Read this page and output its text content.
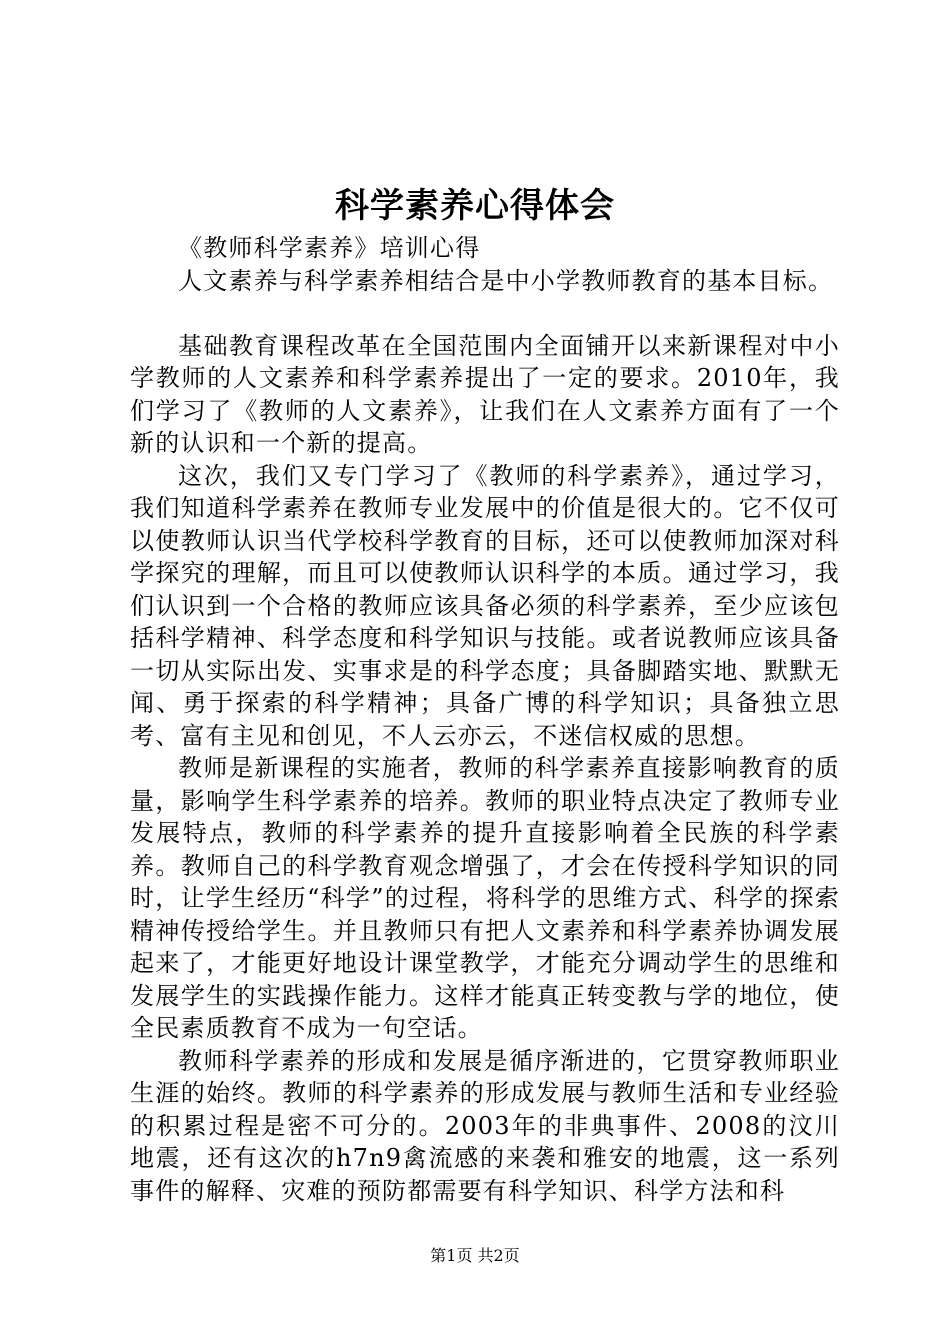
科学素养心得体会

《教师科学素养》培训心得

人文素养与科学素养相结合是中小学教师教育的基本目标。

基础教育课程改革在全国范围内全面铺开以来新课程对中小学教师的人文素养和科学素养提出了一定的要求。2010年，我们学习了《教师的人文素养》，让我们在人文素养方面有了一个新的认识和一个新的提高。

这次，我们又专门学习了《教师的科学素养》，通过学习，我们知道科学素养在教师专业发展中的价值是很大的。它不仅可以使教师认识当代学校科学教育的目标，还可以使教师加深对科学探究的理解，而且可以使教师认识科学的本质。通过学习，我们认识到一个合格的教师应该具备必须的科学素养，至少应该包括科学精神、科学态度和科学知识与技能。或者说教师应该具备一切从实际出发、实事求是的科学态度；具备脚踏实地、默默无闻、勇于探索的科学精神；具备广博的科学知识；具备独立思考、富有主见和创见，不人云亦云，不迷信权威的思想。

教师是新课程的实施者，教师的科学素养直接影响教育的质量，影响学生科学素养的培养。教师的职业特点决定了教师专业发展特点，教师的科学素养的提升直接影响着全民族的科学素养。教师自己的科学教育观念增强了，才会在传授科学知识的同时，让学生经历“科学”的过程，将科学的思维方式、科学的探索精神传授给学生。并且教师只有把人文素养和科学素养协调发展起来了，才能更好地设计课堂教学，才能充分调动学生的思维和发展学生的实践操作能力。这样才能真正转变教与学的地位，使全民素质教育不成为一句空话。

教师科学素养的形成和发展是循序渐进的，它贯穿教师职业生涯的始终。教师的科学素养的形成发展与教师生活和专业经验的积累过程是密不可分的。2003年的非典事件、2008的汶川地震，还有这次的h7n9禽流感的来袭和雅安的地震，这一系列事件的解释、灾难的预防都需要有科学知识、科学方法和科

第1页 共2页
